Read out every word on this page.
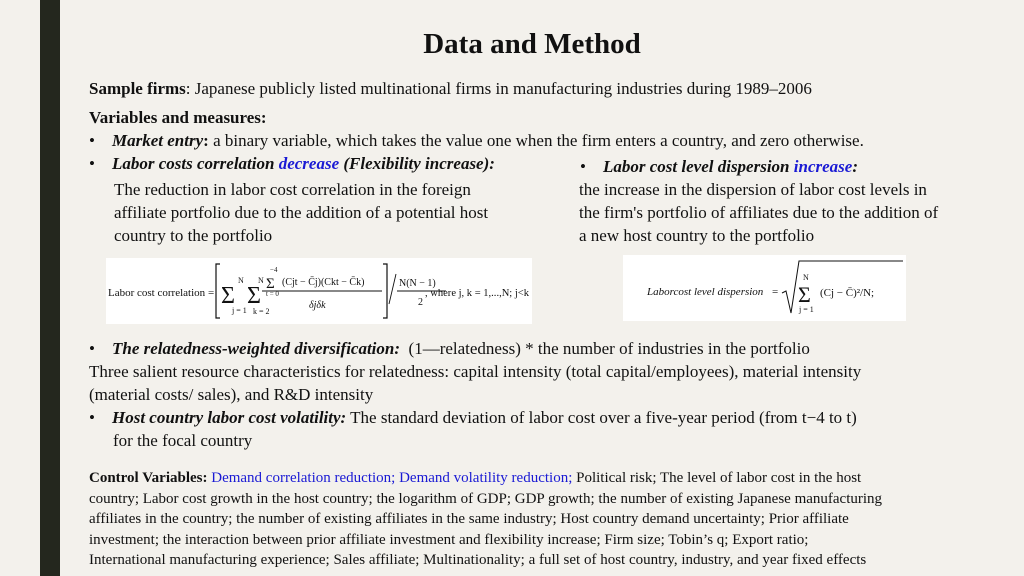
Data and Method
Sample firms: Japanese publicly listed multinational firms in manufacturing industries during 1989–2006
Variables and measures:
• Market entry: a binary variable, which takes the value one when the firm enters a country, and zero otherwise.
• Labor costs correlation decrease (Flexibility increase):
The reduction in labor cost correlation in the foreign
affiliate portfolio due to the addition of a potential host
country to the portfolio
• Labor cost level dispersion increase:
the increase in the dispersion of labor cost levels in
the firm's portfolio of affiliates due to the addition of
a new host country to the portfolio
Labor cost correlation = Σ
N
j = 1
Σ
N
k = 2
Σ
−4
t = 0
(Cjt − C̄j)(Ckt − C̄k)
δjδk
N(N − 1)
2
, where j, k = 1,...,N; j<k	Laborcost level dispersion = Σ
N
j = 1
(Cj − C̄)²/N;
• The relatedness-weighted diversification:  (1—relatedness) * the number of industries in the portfolio
Three salient resource characteristics for relatedness: capital intensity (total capital/employees), material intensity
(material costs/ sales), and R&D intensity
• Host country labor cost volatility: The standard deviation of labor cost over a five-year period (from t−4 to t)
for the focal country
Control Variables: Demand correlation reduction; Demand volatility reduction; Political risk; The level of labor cost in the host
country; Labor cost growth in the host country; the logarithm of GDP; GDP growth; the number of existing Japanese manufacturing
affiliates in the country; the number of existing affiliates in the same industry; Host country demand uncertainty; Prior affiliate
investment; the interaction between prior affiliate investment and flexibility increase; Firm size; Tobin’s q; Export ratio;
International manufacturing experience; Sales affiliate; Multinationality; a full set of host country, industry, and year fixed effects
